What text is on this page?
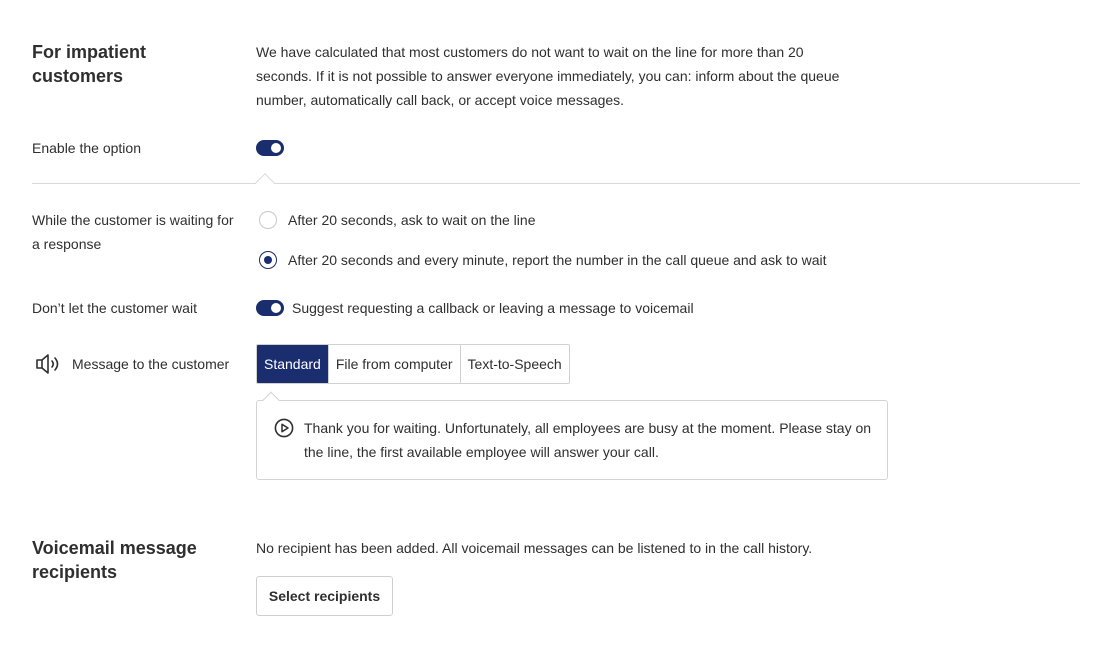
For impatient customers
We have calculated that most customers do not want to wait on the line for more than 20 seconds. If it is not possible to answer everyone immediately, you can: inform about the queue number, automatically call back, or accept voice messages.
Enable the option
While the customer is waiting for a response
After 20 seconds, ask to wait on the line
After 20 seconds and every minute, report the number in the call queue and ask to wait
Don’t let the customer wait	Suggest requesting a callback or leaving a message to voicemail
Message to the customer	Standard	File from computer	Text-to-Speech
Thank you for waiting. Unfortunately, all employees are busy at the moment. Please stay on the line, the first available employee will answer your call.
Voicemail message recipients
No recipient has been added. All voicemail messages can be listened to in the call history.
Select recipients
